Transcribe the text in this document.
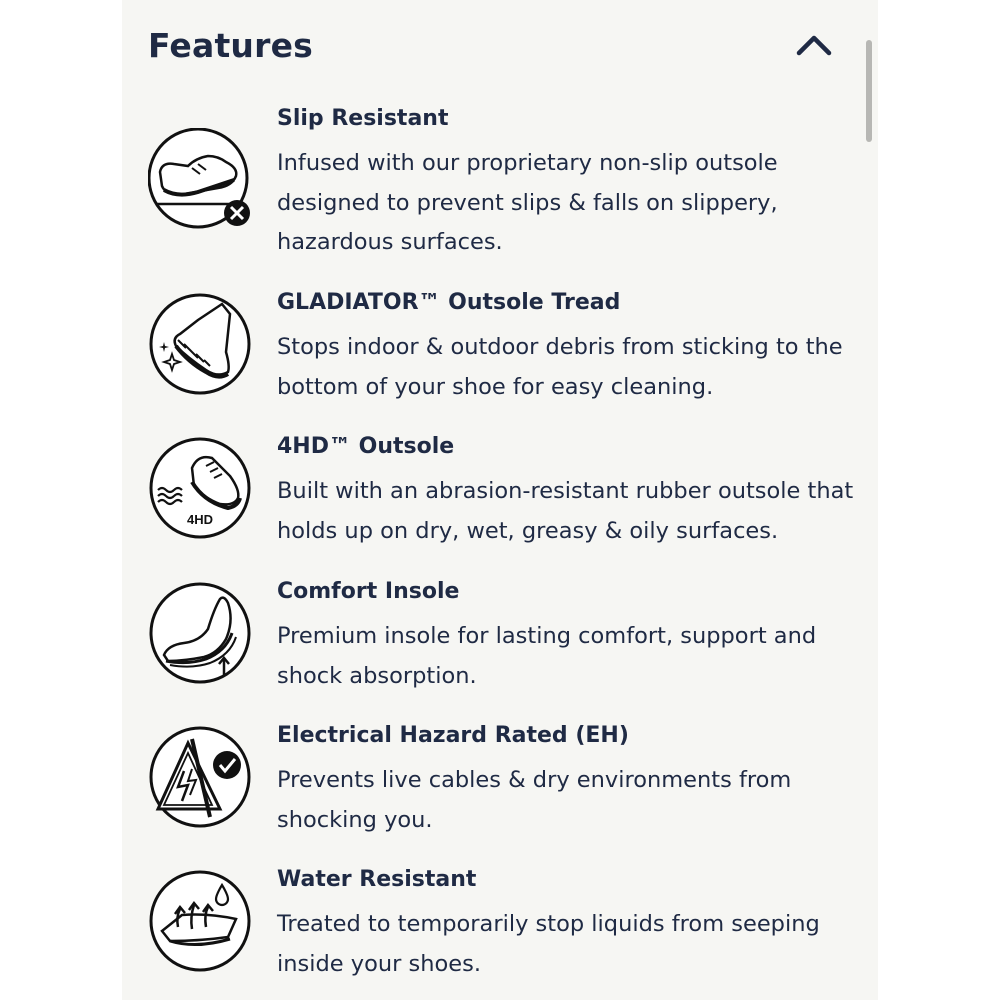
Features
Slip Resistant
Infused with our proprietary non-slip outsole designed to prevent slips & falls on slippery, hazardous surfaces.
GLADIATOR™ Outsole Tread
Stops indoor & outdoor debris from sticking to the bottom of your shoe for easy cleaning.
4HD
4HD™ Outsole
Built with an abrasion-resistant rubber outsole that holds up on dry, wet, greasy & oily surfaces.
Comfort Insole
Premium insole for lasting comfort, support and shock absorption.
Electrical Hazard Rated (EH)
Prevents live cables & dry environments from shocking you.
Water Resistant
Treated to temporarily stop liquids from seeping inside your shoes.
